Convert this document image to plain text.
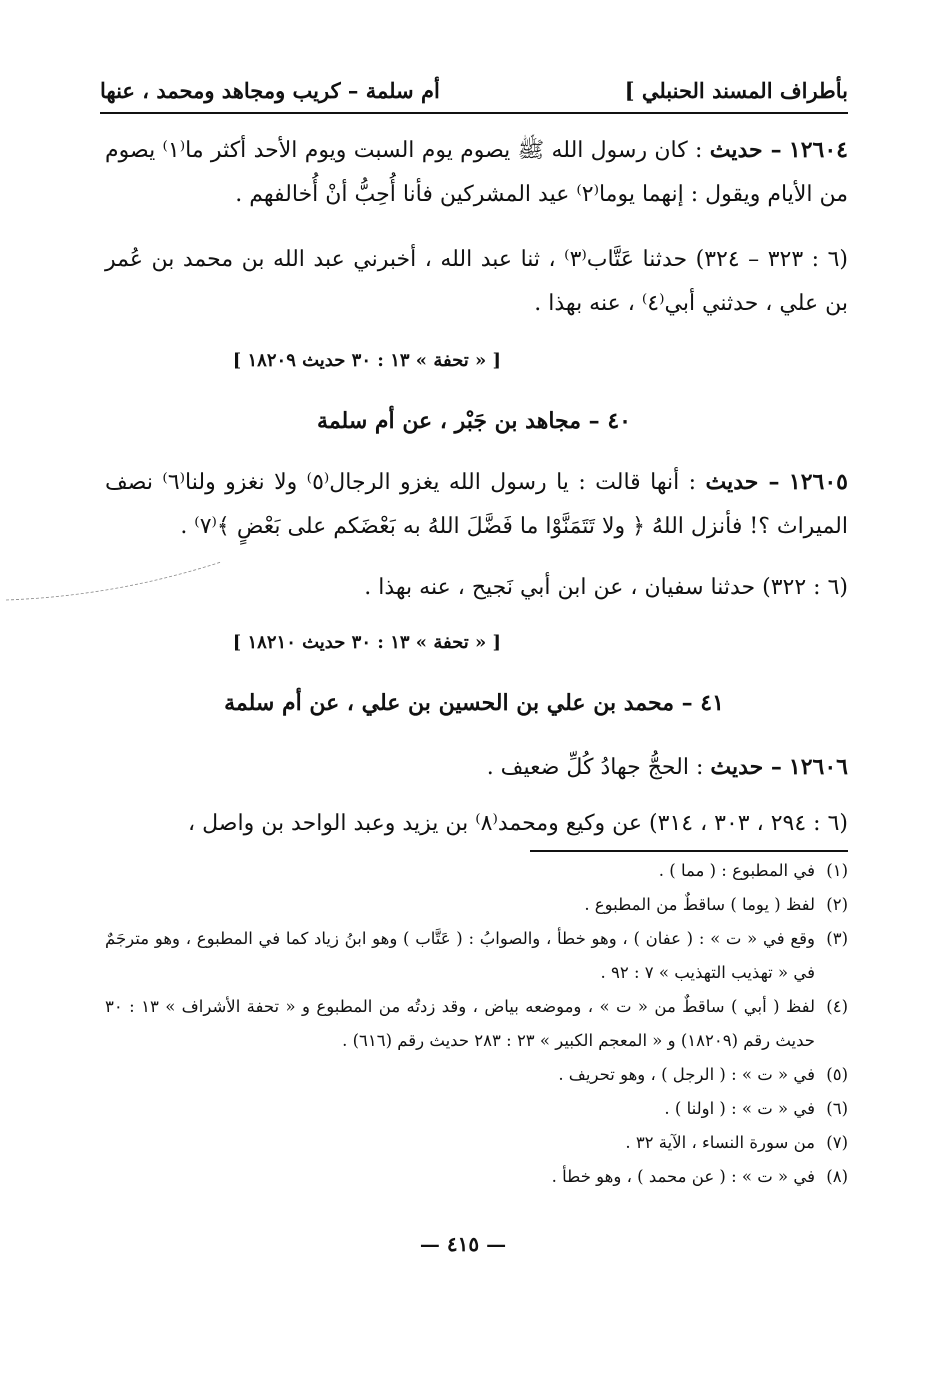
بأطراف المسند الحنبلي ]
أم سلمة – كريب ومجاهد ومحمد ، عنها

١٢٦٠٤ – حديث : كان رسول الله ﷺ يصوم يوم السبت ويوم الأحد أكثر ما⁽١⁾ يصوم من الأيام ويقول : إنهما يوما⁽٢⁾ عيد المشركين فأنا أُحِبُّ أنْ أُخالفهم .

(٦ : ٣٢٣ – ٣٢٤) حدثنا عَتَّاب⁽٣⁾ ، ثنا عبد الله ، أخبرني عبد الله بن محمد بن عُمر بن علي ، حدثني أبي⁽٤⁾ ، عنه بهذا .

[ « تحفة » ١٣ : ٣٠ حديث ١٨٢٠٩ ]
٤٠ – مجاهد بن جَبْر ، عن أم سلمة

١٢٦٠٥ – حديث : أنها قالت : يا رسول الله يغزو الرجال⁽٥⁾ ولا نغزو ولنا⁽٦⁾ نصف الميراث ؟! فأنزل اللهُ ﴿ ولا تَتَمَنَّوْا ما فَضَّلَ اللهُ به بَعْضَكم على بَعْضٍ ﴾⁽٧⁾ .

(٦ : ٣٢٢) حدثنا سفيان ، عن ابن أبي نَجيح ، عنه بهذا .

[ « تحفة » ١٣ : ٣٠ حديث ١٨٢١٠ ]
٤١ – محمد بن علي بن الحسين بن علي ، عن أم سلمة

١٢٦٠٦ – حديث : الحجُّ جهادُ كُلِّ ضعيف .

(٦ : ٢٩٤ ، ٣٠٣ ، ٣١٤) عن وكيع ومحمد⁽٨⁾ بن يزيد وعبد الواحد بن واصل ،

(١)
في المطبوع : ( مما ) .
(٢)
لفظ ( يوما ) ساقطٌ من المطبوع .
(٣)
وقع في « ت » : ( عفان ) ، وهو خطأ ، والصوابُ : ( عَتَّاب ) وهو ابنُ زياد كما في المطبوع ، وهو مترجَمٌ في « تهذيب التهذيب » ٧ : ٩٢ .
(٤)
لفظ ( أبي ) ساقطٌ من « ت » ، وموضعه بياض ، وقد زدتُه من المطبوع و « تحفة الأشراف » ١٣ : ٣٠ حديث رقم (١٨٢٠٩) و « المعجم الكبير » ٢٣ : ٢٨٣ حديث رقم (٦١٦) .
(٥)
في « ت » : ( الرجل ) ، وهو تحريف .
(٦)
في « ت » : ( اولنا ) .
(٧)
من سورة النساء ، الآية ٣٢ .
(٨)
في « ت » : ( عن محمد ) ، وهو خطأ .
— ٤١٥ —
